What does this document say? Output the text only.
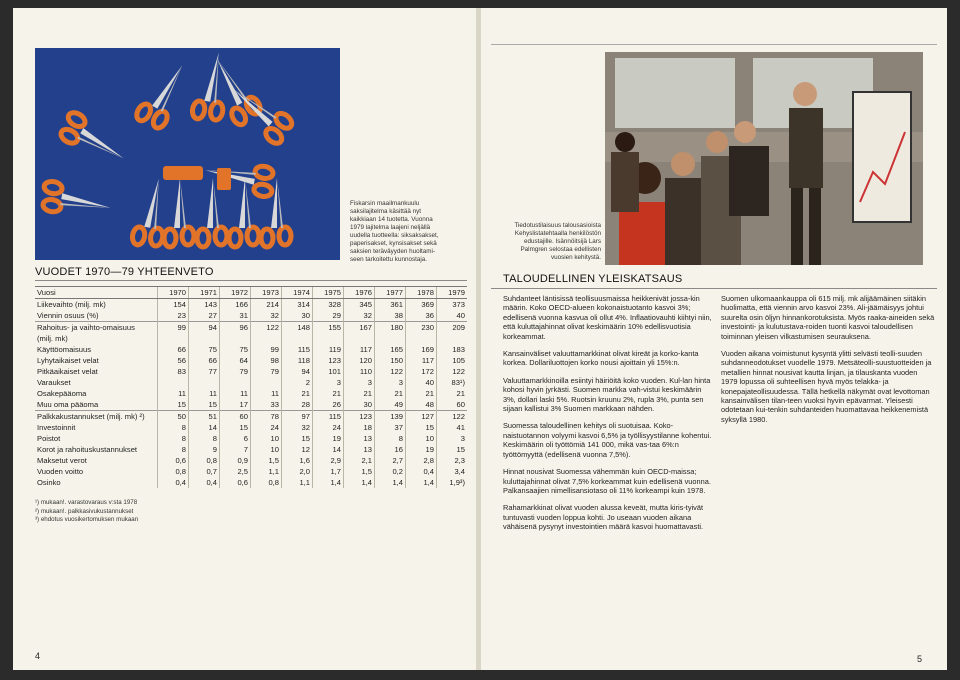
Fiskarsin maailmankuulu
saksilajitelma käsittää nyt
kaikkiaan 14 tuotetta. Vuonna
1979 lajitelma laajeni neljällä
uudella tuotteella: siksaksakset,
paperisakset, kynsisakset sekä
saksien teräväyyden huoltami-
seen tarkoitettu kunnostaja.
VUODET 1970—79 YHTEENVETO
Vuosi	1970	1971	1972	1973	1974	1975	1976	1977	1978	1979
Liikevaihto (milj. mk)	154	143	166	214	314	328	345	361	369	373
Viennin osuus (%)	23	27	31	32	30	29	32	38	36	40
Rahoitus- ja vaihto-omaisuus	99	94	96	122	148	155	167	180	230	209
(milj. mk)										
Käyttöomaisuus	66	75	75	99	115	119	117	165	169	183
Lyhytaikaiset velat	56	66	64	98	118	123	120	150	117	105
Pitkäaikaiset velat	83	77	79	79	94	101	110	122	172	122
Varaukset					2	3	3	3	40	83¹)
Osakepääoma	11	11	11	11	21	21	21	21	21	21
Muu oma pääoma	15	15	17	33	28	26	30	49	48	60
Palkkakustannukset (milj. mk) ²)	50	51	60	78	97	115	123	139	127	122
Investoinnit	8	14	15	24	32	24	18	37	15	41
Poistot	8	8	6	10	15	19	13	8	10	3
Korot ja rahoituskustannukset	8	9	7	10	12	14	13	16	19	15
Maksetut verot	0,6	0,8	0,9	1,5	1,6	2,9	2,1	2,7	2,8	2,3
Vuoden voitto	0,8	0,7	2,5	1,1	2,0	1,7	1,5	0,2	0,4	3,4
Osinko	0,4	0,4	0,6	0,8	1,1	1,4	1,4	1,4	1,4	1,9³)
¹) mukaan!. varastovaraus v:sta 1978
²) mukaan!. palkkasivukustannukset
³) ehdotus vuosikertomuksen mukaan
4
Tiedotustilaisuus talousasioista
Kehyslistatehtaalla henkilöstön
edustajille. Isännöitsijä Lars
Palmgren selostaa edellisten
vuosien kehitystä.
TALOUDELLINEN YLEISKATSAUS

Suhdanteet läntisissä teollisuusmaissa heikkenivät jossa-kin määrin. Koko OECD-alueen kokonaistuotanto kasvoi 3%; edellisenä vuonna kasvua oli ollut 4%. Inflaatiovauhti kiihtyi niin, että kuluttajahinnat olivat keskimäärin 10% edellisvuotisia korkeammat.

Kansainväliset valuuttamarkkinat olivat kireät ja korko-kanta korkea. Dollariluottojen korko nousi ajoittain yli 15%:n.

Valuuttamarkkinoilla esiintyi häiriöitä koko vuoden. Kul-lan hinta kohosi hyvin jyrkästi. Suomen markka vah-vistui keskimäärin 3%, dollari laski 5%. Ruotsin kruunu 2%, rupla 3%, punta sen sijaan kallistui 3% Suomen markkaan nähden.

Suomessa taloudellinen kehitys oli suotuisaa. Koko-naistuotannon volyymi kasvoi 6,5% ja työllisyystilanne kohentui. Keskimäärin oli työttömiä 141 000, mikä vas-taa 6%:n työttömyyttä (edellisenä vuonna 7,5%).

Hinnat nousivat Suomessa vähemmän kuin OECD-maissa; kuluttajahinnat olivat 7,5% korkeammat kuin edellisenä vuonna. Palkansaajien nimellisansiotaso oli 11% korkeampi kuin 1978.

Rahamarkkinat olivat vuoden alussa keveät, mutta kiris-tyivät tuntuvasti vuoden loppua kohti. Jo useaan vuoden aikana vähäisenä pysynyt investointien määrä kasvoi huomattavasti.

Suomen ulkomaankauppa oli 615 milj. mk alijäämäinen siitäkin huolimatta, että viennin arvo kasvoi 23%. Ali-jäämäisyys johtui suurelta osin öljyn hinnankorotuksista. Myös raaka-aineiden sekä investointi- ja kulutustava-roiden tuonti kasvoi taloudellisen toiminnan yleisen vilkastumisen seurauksena.

Vuoden aikana voimistunut kysyntä ylitti selvästi teolli-suuden suhdanneodotukset vuodelle 1979. Metsäteolli-suustuotteiden ja metallien hinnat nousivat kautta linjan, ja tilauskanta vuoden 1979 lopussa oli suhteellisen hyvä myös telakka- ja konepajateollisuudessa. Tällä hetkellä näkymät ovat levottoman kansainvälisen tilan-teen vuoksi hyvin epävarmat. Yleisesti odotetaan kui-tenkin suhdanteiden huomattavaa heikkenemistä syksyllä 1980.

5
